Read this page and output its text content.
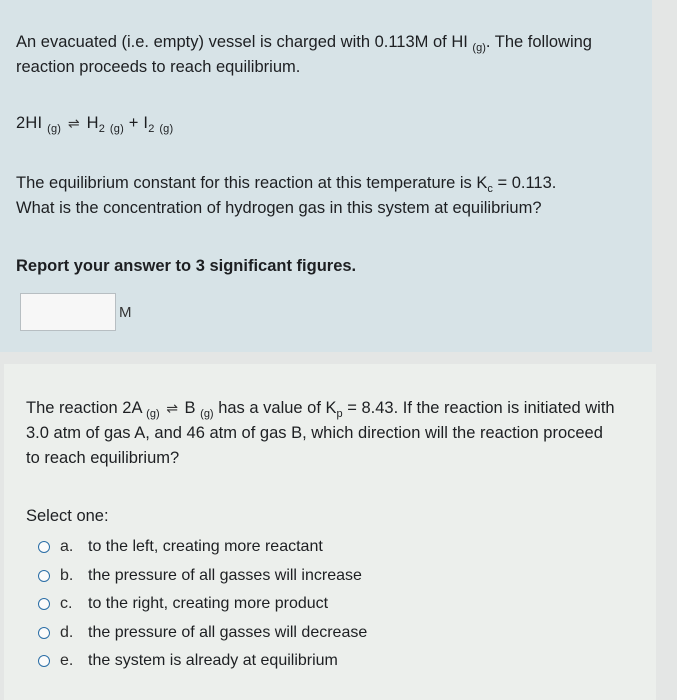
An evacuated (i.e. empty) vessel is charged with 0.113M of HI $_{(g)}$. The following reaction proceeds to reach equilibrium.

2HI $_{(g)}$ ⇌ $H_2$ $_{(g)} + I_2$ $_{(g)}$

The equilibrium constant for this reaction at this temperature is $K_c = 0.113$.

What is the concentration of hydrogen gas in this system at equilibrium?

Report your answer to 3 significant figures.

M

The reaction 2A $_{(g)}$ ⇌ B $_{(g)}$ has a value of $K_p = 8.43$. If the reaction is initiated with 3.0 atm of gas A, and 46 atm of gas B, which direction will the reaction proceed to reach equilibrium?

Select one:
a. to the left, creating more reactant
b. the pressure of all gasses will increase
c. to the right, creating more product
d. the pressure of all gasses will decrease
e. the system is already at equilibrium
